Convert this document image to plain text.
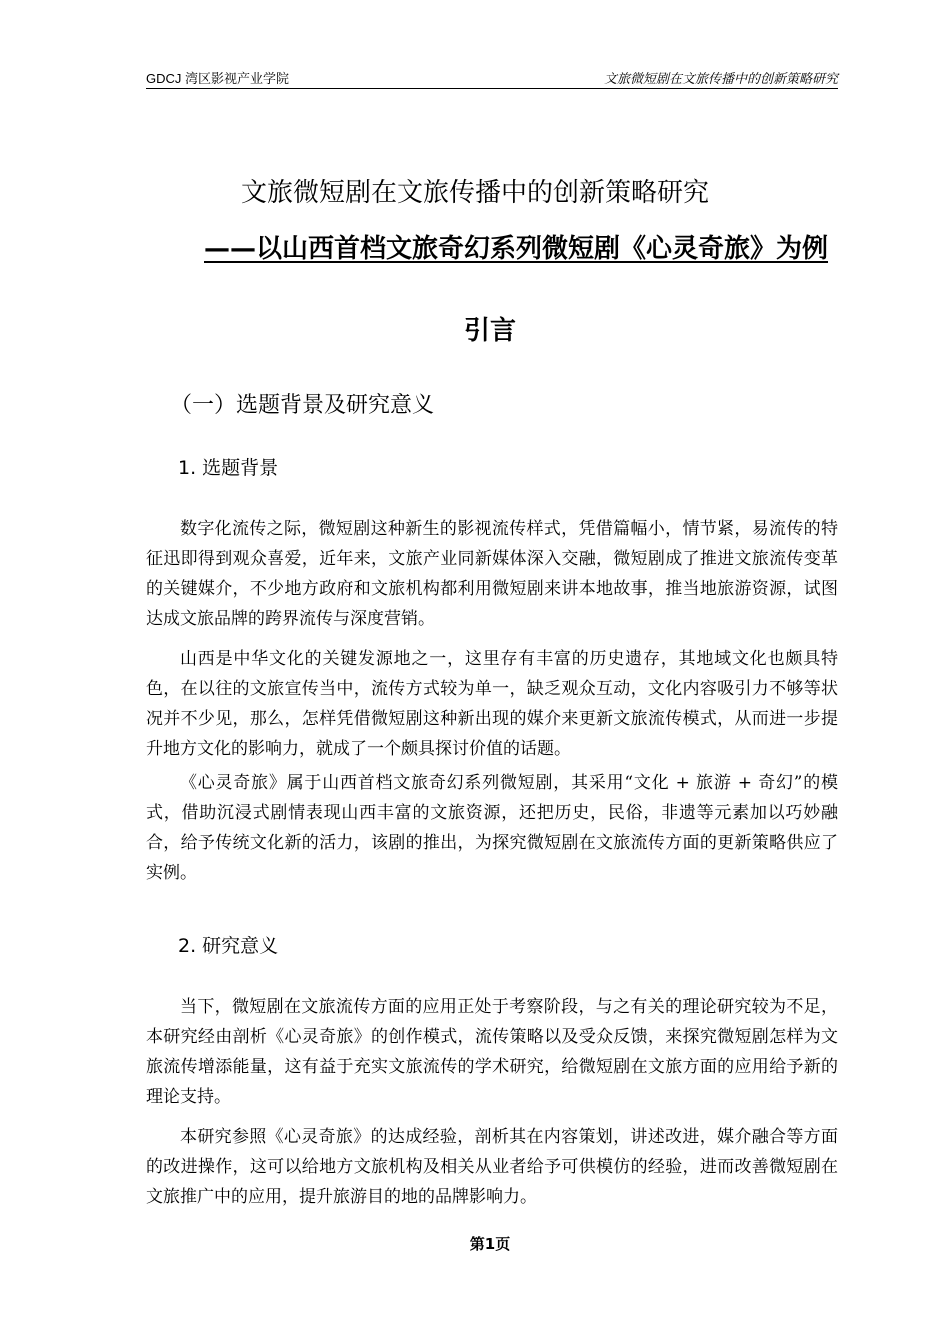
GDCJ 湾区影视产业学院	文旅微短剧在文旅传播中的创新策略研究
文旅微短剧在文旅传播中的创新策略研究
——以山西首档文旅奇幻系列微短剧《心灵奇旅》为例
引言
（一）选题背景及研究意义
1. 选题背景
数字化流传之际，微短剧这种新生的影视流传样式，凭借篇幅小，情节紧，易流传的特征迅即得到观众喜爱，近年来，文旅产业同新媒体深入交融，微短剧成了推进文旅流传变革的关键媒介，不少地方政府和文旅机构都利用微短剧来讲本地故事，推当地旅游资源，试图达成文旅品牌的跨界流传与深度营销。
山西是中华文化的关键发源地之一，这里存有丰富的历史遗存，其地域文化也颇具特色，在以往的文旅宣传当中，流传方式较为单一，缺乏观众互动，文化内容吸引力不够等状况并不少见，那么，怎样凭借微短剧这种新出现的媒介来更新文旅流传模式，从而进一步提升地方文化的影响力，就成了一个颇具探讨价值的话题。
《心灵奇旅》属于山西首档文旅奇幻系列微短剧，其采用“文化 + 旅游 + 奇幻”的模式，借助沉浸式剧情表现山西丰富的文旅资源，还把历史，民俗，非遗等元素加以巧妙融合，给予传统文化新的活力，该剧的推出，为探究微短剧在文旅流传方面的更新策略供应了实例。
2. 研究意义
当下，微短剧在文旅流传方面的应用正处于考察阶段，与之有关的理论研究较为不足，本研究经由剖析《心灵奇旅》的创作模式，流传策略以及受众反馈，来探究微短剧怎样为文旅流传增添能量，这有益于充实文旅流传的学术研究，给微短剧在文旅方面的应用给予新的理论支持。
本研究参照《心灵奇旅》的达成经验，剖析其在内容策划，讲述改进，媒介融合等方面的改进操作，这可以给地方文旅机构及相关从业者给予可供模仿的经验，进而改善微短剧在文旅推广中的应用，提升旅游目的地的品牌影响力。
第1页
